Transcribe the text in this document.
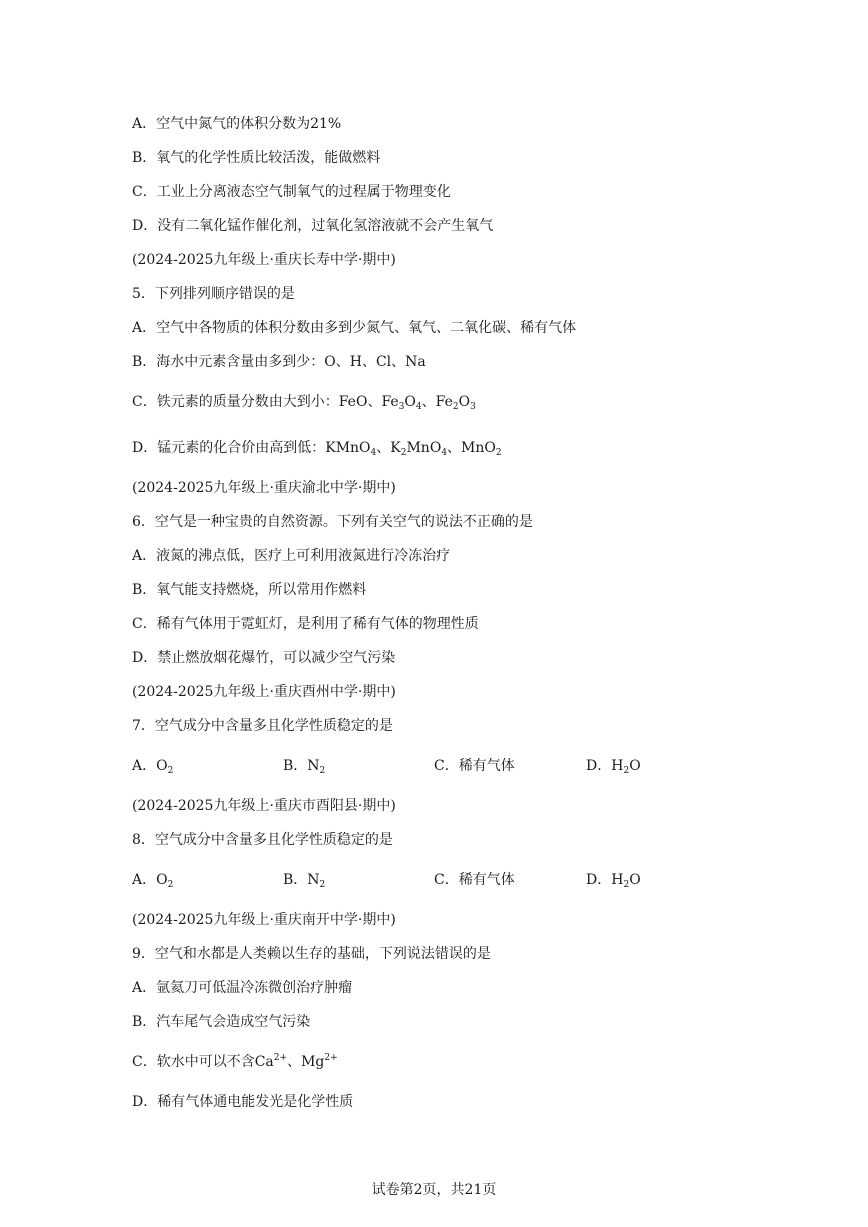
A．空气中氮气的体积分数为21%
B．氧气的化学性质比较活泼，能做燃料
C．工业上分离液态空气制氧气的过程属于物理变化
D．没有二氧化锰作催化剂，过氧化氢溶液就不会产生氧气
(2024-2025九年级上·重庆长寿中学·期中)
5．下列排列顺序错误的是
A．空气中各物质的体积分数由多到少氮气、氧气、二氧化碳、稀有气体
B．海水中元素含量由多到少：O、H、Cl、Na
C．铁元素的质量分数由大到小：FeO、$Fe_3O_4$、$Fe_2O_3$
D．锰元素的化合价由高到低：KMnO$_4$、$K_2MnO_4$、MnO$_2$
(2024-2025九年级上·重庆渝北中学·期中)
6．空气是一种宝贵的自然资源。下列有关空气的说法不正确的是
A．液氮的沸点低，医疗上可利用液氮进行冷冻治疗
B．氧气能支持燃烧，所以常用作燃料
C．稀有气体用于霓虹灯，是利用了稀有气体的物理性质
D．禁止燃放烟花爆竹，可以减少空气污染
(2024-2025九年级上·重庆酉州中学·期中)
7．空气成分中含量多且化学性质稳定的是
A．$O_2$	B．$N_2$	C．稀有气体	D．$H_2O$
(2024-2025九年级上·重庆市酉阳县·期中)
8．空气成分中含量多且化学性质稳定的是
A．$O_2$	B．$N_2$	C．稀有气体	D．$H_2O$
(2024-2025九年级上·重庆南开中学·期中)
9．空气和水都是人类赖以生存的基础，下列说法错误的是
A．氩氦刀可低温冷冻微创治疗肿瘤
B．汽车尾气会造成空气污染
C．软水中可以不含$Ca^{2+}$、$Mg^{2+}$
D．稀有气体通电能发光是化学性质
试卷第2页，共21页
